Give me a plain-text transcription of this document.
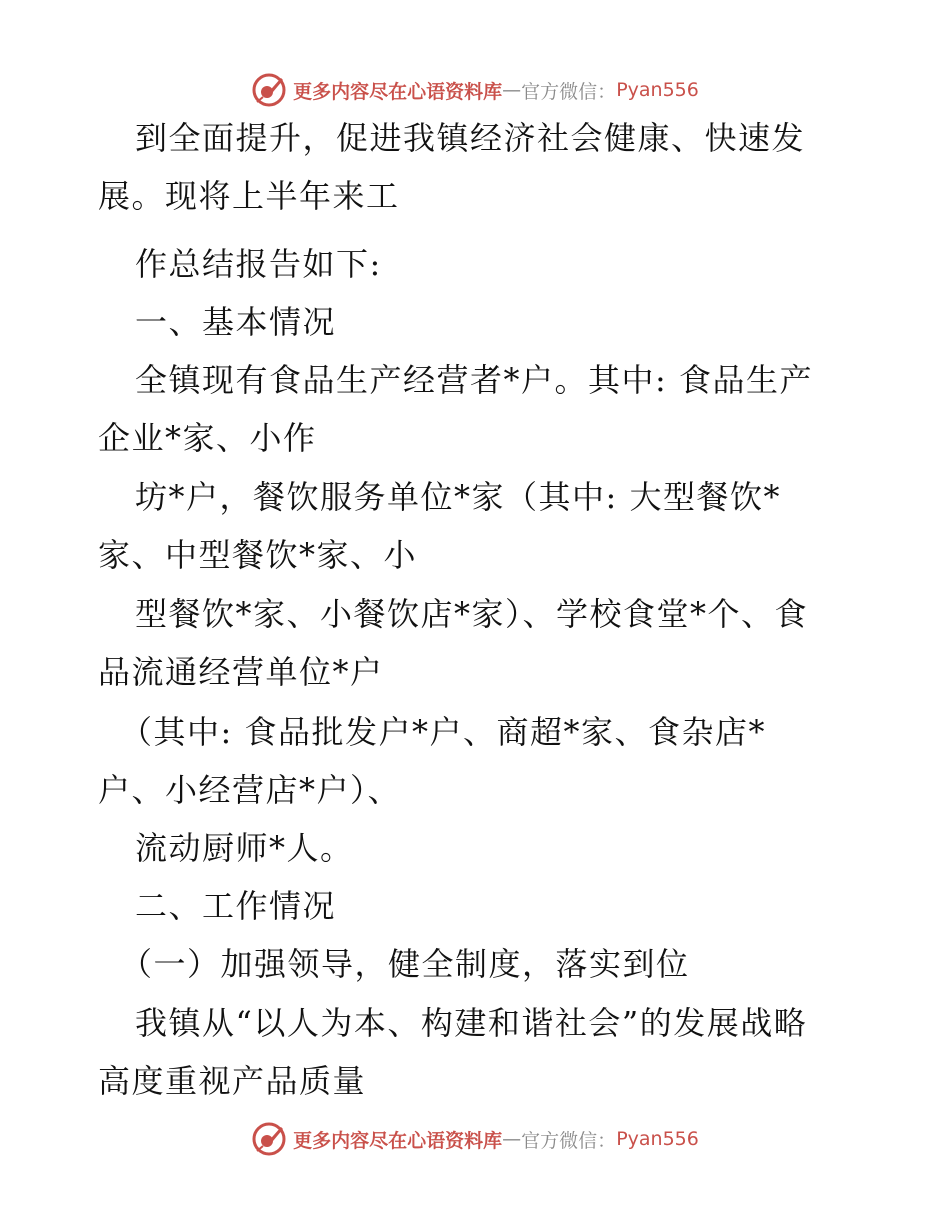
更多内容尽在心语资料库 — 官方微信： Pyan556
到全面提升，促进我镇经济社会健康、快速发
展。现将上半年来工
作总结报告如下:
一、基本情况
全镇现有食品生产经营者*户。其中: 食品生产
企业*家、小作
坊*户，餐饮服务单位*家（其中: 大型餐饮*
家、中型餐饮*家、小
型餐饮*家、小餐饮店*家）、学校食堂*个、食
品流通经营单位*户
（其中: 食品批发户*户、商超*家、食杂店*
户、小经营店*户）、
流动厨师*人。
二、工作情况
（一）加强领导，健全制度，落实到位
我镇从“以人为本、构建和谐社会”的发展战略
高度重视产品质量
更多内容尽在心语资料库 — 官方微信： Pyan556
